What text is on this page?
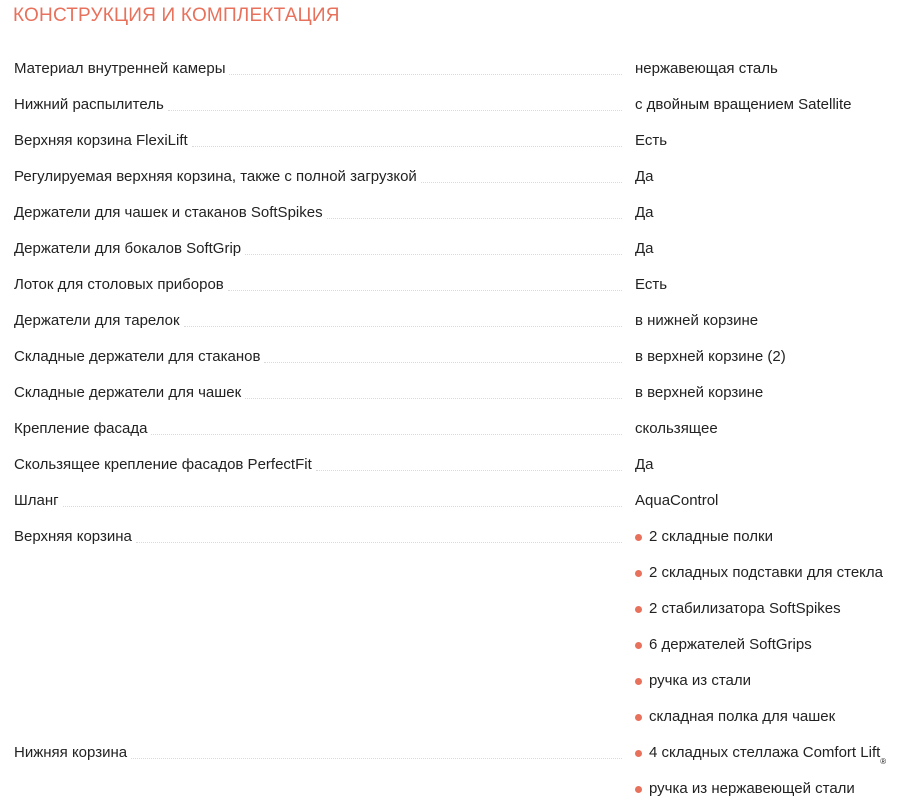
КОНСТРУКЦИЯ И КОМПЛЕКТАЦИЯ
Материал внутренней камеры	нержавеющая сталь
Нижний распылитель	с двойным вращением Satellite
Верхняя корзина FlexiLift	Есть
Регулируемая верхняя корзина, также с полной загрузкой	Да
Держатели для чашек и стаканов SoftSpikes	Да
Держатели для бокалов SoftGrip	Да
Лоток для столовых приборов	Есть
Держатели для тарелок	в нижней корзине
Складные держатели для стаканов	в верхней корзине (2)
Складные держатели для чашек	в верхней корзине
Крепление фасада	скользящее
Скользящее крепление фасадов PerfectFit	Да
Шланг	AquaControl
Верхняя корзина	2 складные полки
2 складных подставки для стекла
2 стабилизатора SoftSpikes
6 держателей SoftGrips
ручка из стали
складная полка для чашек
Нижняя корзина	4 складных стеллажа Comfort Lift
®
ручка из нержавеющей стали
